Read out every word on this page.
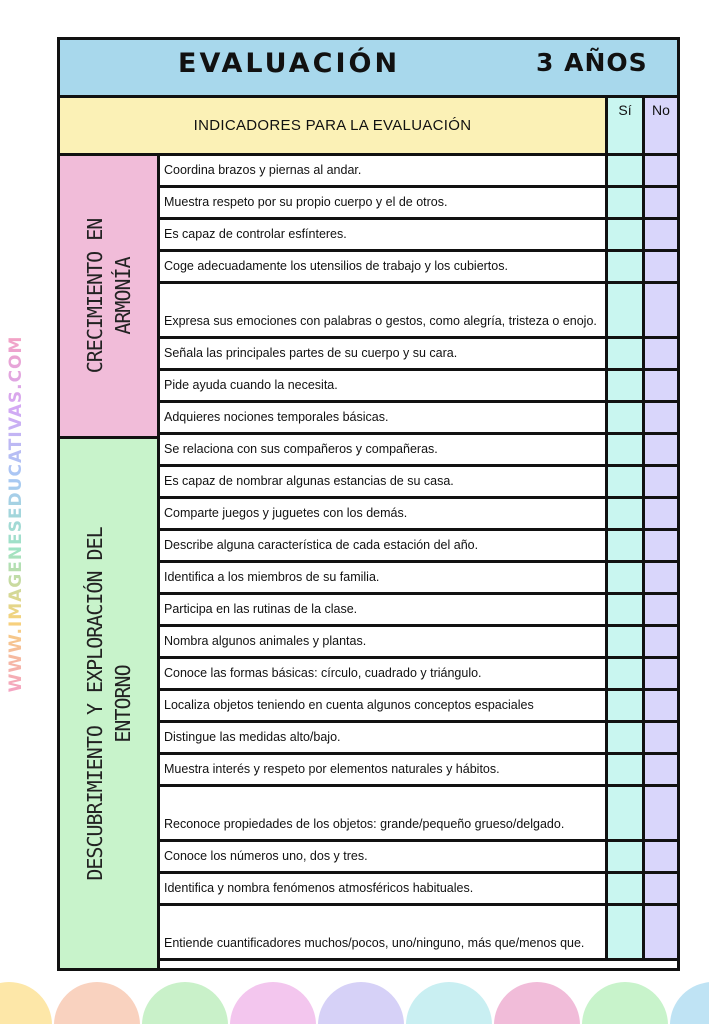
WWW.IMAGENESEDUCATIVAS.COM
EVALUACIÓN	3 AÑOS
INDICADORES PARA LA EVALUACIÓN
Sí	No
CRECIMIENTO EN ARMONÍA
DESCUBRIMIENTO Y EXPLORACIÓN DEL ENTORNO
Coordina brazos y piernas al andar.
Muestra respeto por su propio cuerpo y el de otros.
Es capaz de controlar esfínteres.
Coge adecuadamente los utensilios de trabajo y los cubiertos.
Expresa sus emociones con palabras o gestos, como alegría, tristeza o enojo.
Señala las principales partes de su cuerpo y su cara.
Pide ayuda cuando la necesita.
Adquieres nociones temporales básicas.
Se relaciona con sus compañeros y compañeras.
Es capaz de nombrar algunas estancias de su casa.
Comparte juegos y juguetes con los demás.
Describe alguna característica de cada estación del año.
Identifica a los miembros de su familia.
Participa en las rutinas de la clase.
Nombra algunos animales y plantas.
Conoce las formas básicas: círculo, cuadrado y triángulo.
Localiza objetos teniendo en cuenta algunos conceptos espaciales
Distingue las medidas alto/bajo.
Muestra interés y respeto por elementos naturales y hábitos.
Reconoce propiedades de los objetos: grande/pequeño grueso/delgado.
Conoce los números uno, dos y tres.
Identifica y nombra fenómenos atmosféricos habituales.
Entiende cuantificadores muchos/pocos, uno/ninguno, más que/menos que.
